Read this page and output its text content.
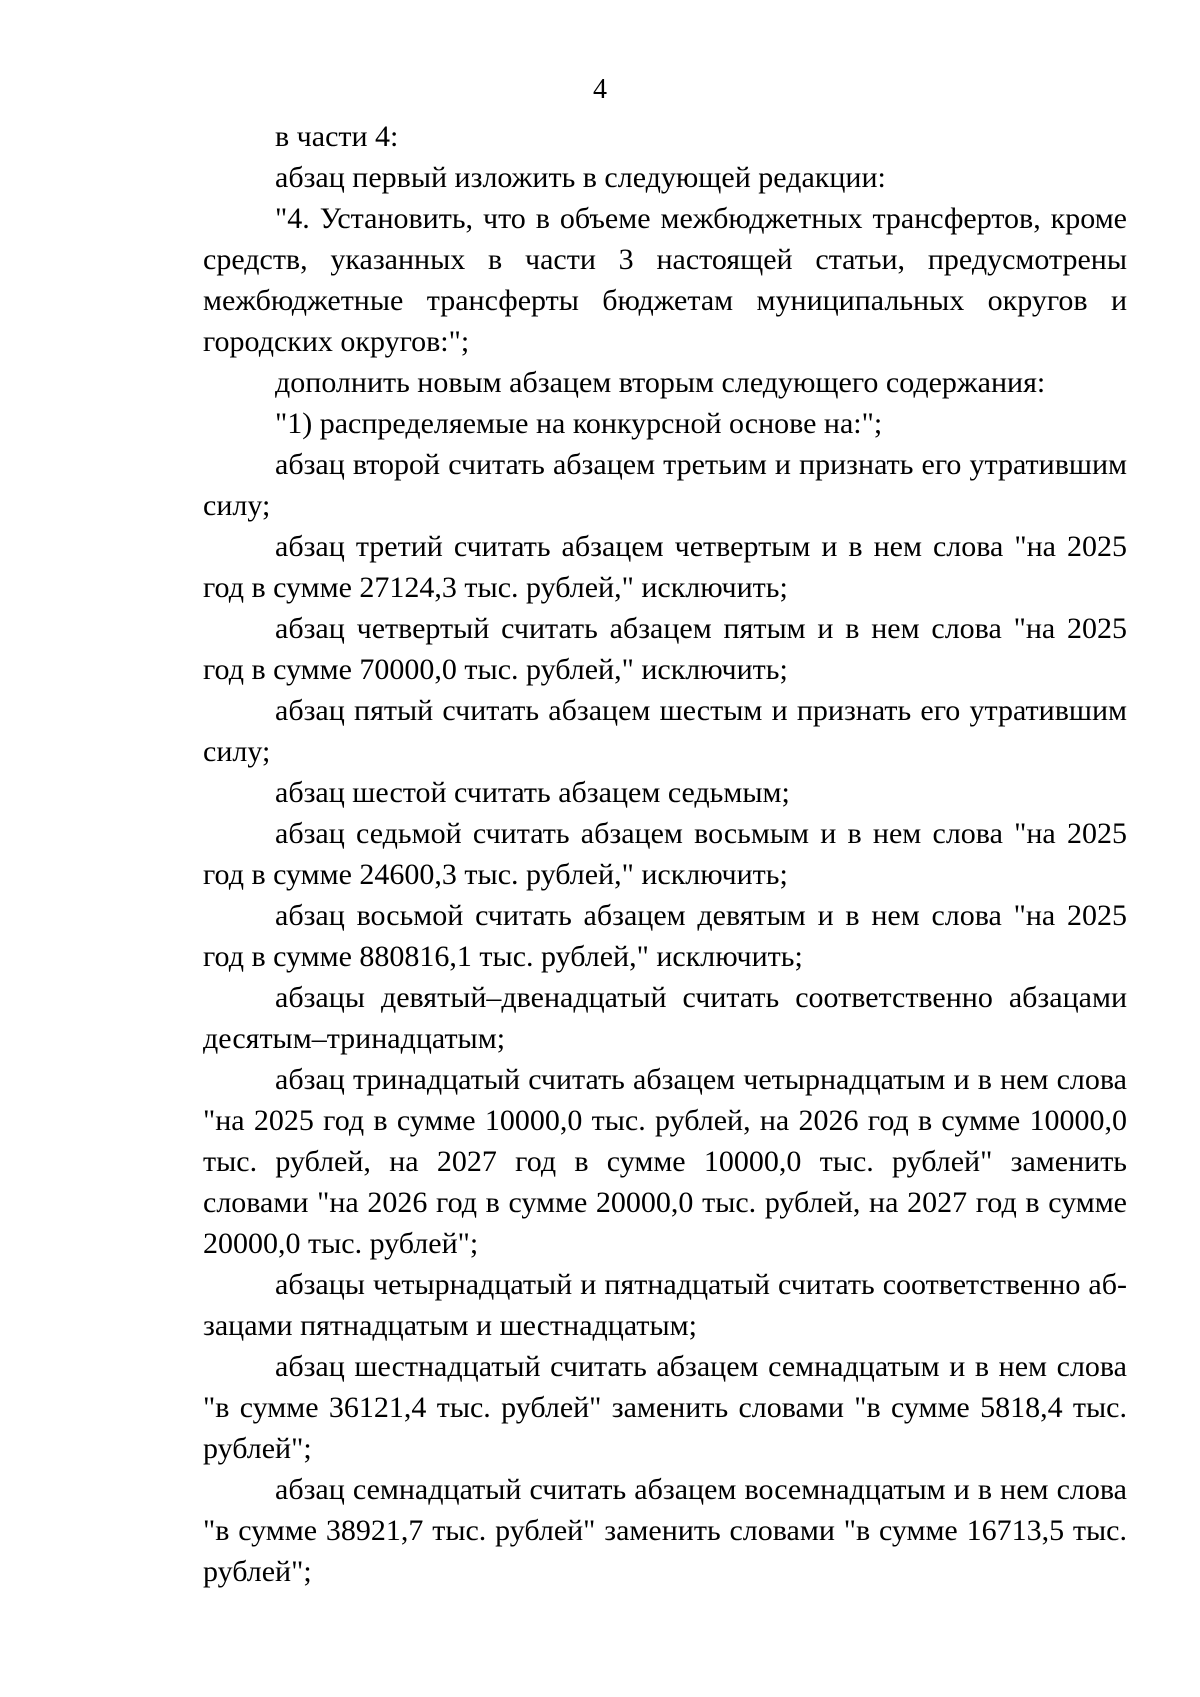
4

в части 4:

абзац первый изложить в следующей редакции:

"4. Установить, что в объеме межбюджетных трансфертов, кроме средств, указанных в части 3 настоящей статьи, предусмотрены межбюджетные трансферты бюджетам муниципальных округов и городских округов:";

дополнить новым абзацем вторым следующего содержания:

"1) распределяемые на конкурсной основе на:";

абзац второй считать абзацем третьим и признать его утратившим силу;

абзац третий считать абзацем четвертым и в нем слова "на 2025 год в сумме 27124,3 тыс. рублей," исключить;

абзац четвертый считать абзацем пятым и в нем слова "на 2025 год в сумме 70000,0 тыс. рублей," исключить;

абзац пятый считать абзацем шестым и признать его утратившим силу;

абзац шестой считать абзацем седьмым;

абзац седьмой считать абзацем восьмым и в нем слова "на 2025 год в сумме 24600,3 тыс. рублей," исключить;

абзац восьмой считать абзацем девятым и в нем слова "на 2025 год в сумме 880816,1 тыс. рублей," исключить;

абзацы девятый–двенадцатый считать соответственно абзацами десятым–тринадцатым;

абзац тринадцатый считать абзацем четырнадцатым и в нем слова "на 2025 год в сумме 10000,0 тыс. рублей, на 2026 год в сумме 10000,0 тыс. рублей, на 2027 год в сумме 10000,0 тыс. рублей" заменить словами "на 2026 год в сумме 20000,0 тыс. рублей, на 2027 год в сумме 20000,0 тыс. рублей";

абзацы четырнадцатый и пятнадцатый считать соответственно абзацами пятнадцатым и шестнадцатым;

абзац шестнадцатый считать абзацем семнадцатым и в нем слова "в сумме 36121,4 тыс. рублей" заменить словами "в сумме 5818,4 тыс. рублей";

абзац семнадцатый считать абзацем восемнадцатым и в нем слова "в сумме 38921,7 тыс. рублей" заменить словами "в сумме 16713,5 тыс. рублей";
